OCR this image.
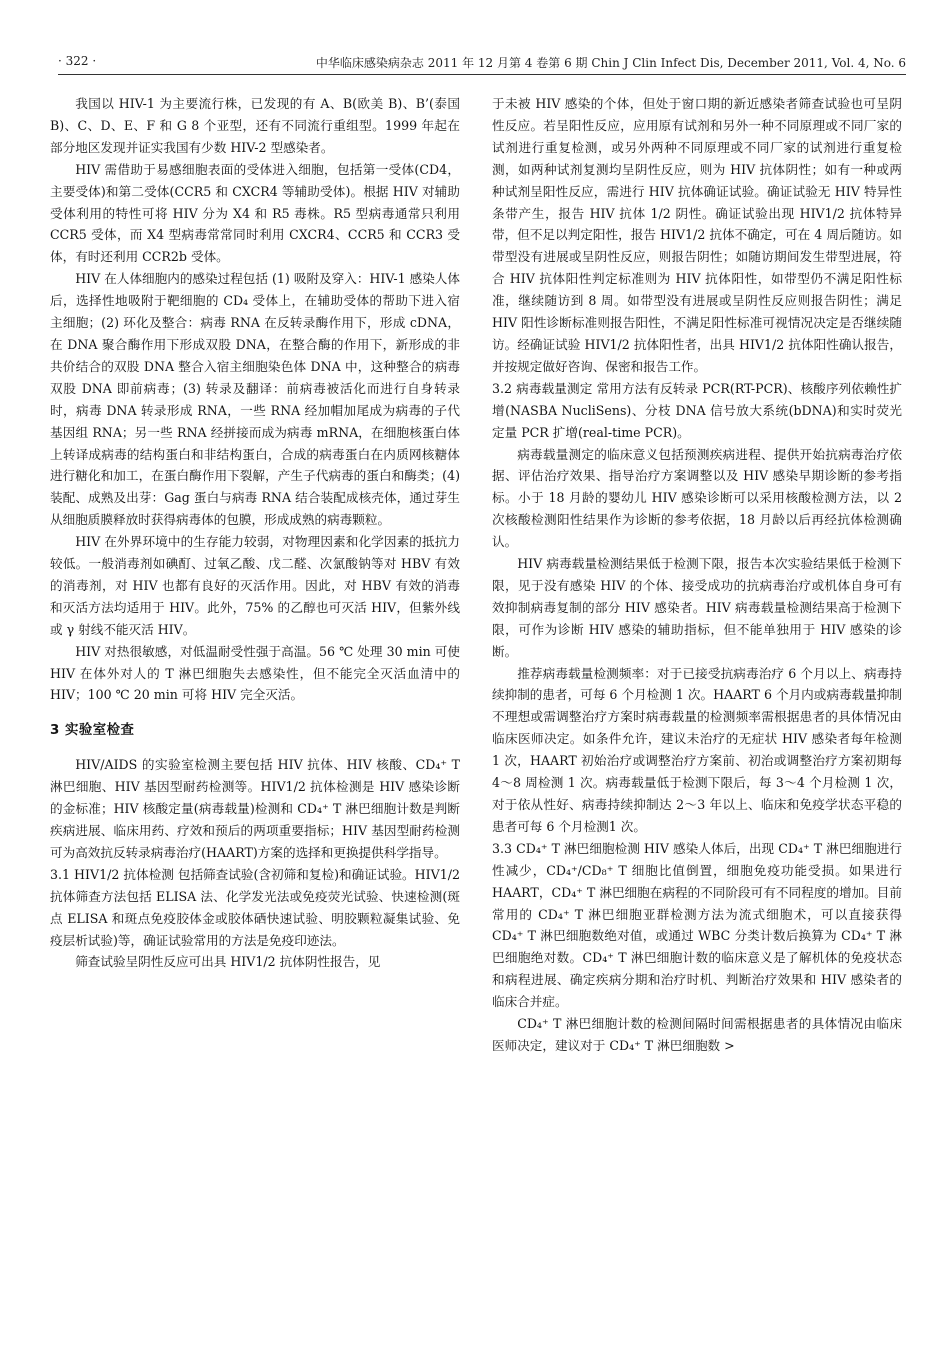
· 322 ·	中华临床感染病杂志 2011 年 12 月第 4 卷第 6 期 Chin J Clin Infect Dis, December 2011, Vol. 4, No. 6

我国以 HIV-1 为主要流行株，已发现的有 A、B(欧美 B)、B’(泰国 B)、C、D、E、F 和 G 8 个亚型，还有不同流行重组型。1999 年起在部分地区发现并证实我国有少数 HIV-2 型感染者。

HIV 需借助于易感细胞表面的受体进入细胞，包括第一受体(CD4，主要受体)和第二受体(CCR5 和 CXCR4 等辅助受体)。根据 HIV 对辅助受体利用的特性可将 HIV 分为 X4 和 R5 毒株。R5 型病毒通常只利用 CCR5 受体，而 X4 型病毒常常同时利用 CXCR4、CCR5 和 CCR3 受体，有时还利用 CCR2b 受体。

HIV 在人体细胞内的感染过程包括 (1) 吸附及穿入：HIV-1 感染人体后，选择性地吸附于靶细胞的 CD₄ 受体上，在辅助受体的帮助下进入宿主细胞；(2) 环化及整合：病毒 RNA 在反转录酶作用下，形成 cDNA，在 DNA 聚合酶作用下形成双股 DNA，在整合酶的作用下，新形成的非共价结合的双股 DNA 整合入宿主细胞染色体 DNA 中，这种整合的病毒双股 DNA 即前病毒；(3) 转录及翻译：前病毒被活化而进行自身转录时，病毒 DNA 转录形成 RNA，一些 RNA 经加帽加尾成为病毒的子代基因组 RNA；另一些 RNA 经拼接而成为病毒 mRNA，在细胞核蛋白体上转译成病毒的结构蛋白和非结构蛋白，合成的病毒蛋白在内质网核糖体进行糖化和加工，在蛋白酶作用下裂解，产生子代病毒的蛋白和酶类；(4) 装配、成熟及出芽：Gag 蛋白与病毒 RNA 结合装配成核壳体，通过芽生从细胞质膜释放时获得病毒体的包膜，形成成熟的病毒颗粒。

HIV 在外界环境中的生存能力较弱，对物理因素和化学因素的抵抗力较低。一般消毒剂如碘酊、过氧乙酸、戊二醛、次氯酸钠等对 HBV 有效的消毒剂，对 HIV 也都有良好的灭活作用。因此，对 HBV 有效的消毒和灭活方法均适用于 HIV。此外，75% 的乙醇也可灭活 HIV，但紫外线或 γ 射线不能灭活 HIV。

HIV 对热很敏感，对低温耐受性强于高温。56 ℃ 处理 30 min 可使 HIV 在体外对人的 T 淋巴细胞失去感染性，但不能完全灭活血清中的 HIV；100 ℃ 20 min 可将 HIV 完全灭活。

3 实验室检查

HIV/AIDS 的实验室检测主要包括 HIV 抗体、HIV 核酸、CD₄⁺ T 淋巴细胞、HIV 基因型耐药检测等。HIV1/2 抗体检测是 HIV 感染诊断的金标准；HIV 核酸定量(病毒载量)检测和 CD₄⁺ T 淋巴细胞计数是判断疾病进展、临床用药、疗效和预后的两项重要指标；HIV 基因型耐药检测可为高效抗反转录病毒治疗(HAART)方案的选择和更换提供科学指导。

3.1 HIV1/2 抗体检测 包括筛查试验(含初筛和复检)和确证试验。HIV1/2 抗体筛查方法包括 ELISA 法、化学发光法或免疫荧光试验、快速检测(斑点 ELISA 和斑点免疫胶体金或胶体硒快速试验、明胶颗粒凝集试验、免疫层析试验)等，确证试验常用的方法是免疫印迹法。

筛查试验呈阴性反应可出具 HIV1/2 抗体阴性报告，见

于未被 HIV 感染的个体，但处于窗口期的新近感染者筛查试验也可呈阴性反应。若呈阳性反应，应用原有试剂和另外一种不同原理或不同厂家的试剂进行重复检测，或另外两种不同原理或不同厂家的试剂进行重复检测，如两种试剂复测均呈阴性反应，则为 HIV 抗体阴性；如有一种或两种试剂呈阳性反应，需进行 HIV 抗体确证试验。确证试验无 HIV 特异性条带产生，报告 HIV 抗体 1/2 阴性。确证试验出现 HIV1/2 抗体特异带，但不足以判定阳性，报告 HIV1/2 抗体不确定，可在 4 周后随访。如带型没有进展或呈阴性反应，则报告阴性；如随访期间发生带型进展，符合 HIV 抗体阳性判定标准则为 HIV 抗体阳性，如带型仍不满足阳性标准，继续随访到 8 周。如带型没有进展或呈阴性反应则报告阴性；满足 HIV 阳性诊断标准则报告阳性，不满足阳性标准可视情况决定是否继续随访。经确证试验 HIV1/2 抗体阳性者，出具 HIV1/2 抗体阳性确认报告，并按规定做好咨询、保密和报告工作。

3.2 病毒载量测定 常用方法有反转录 PCR(RT-PCR)、核酸序列依赖性扩增(NASBA NucliSens)、分枝 DNA 信号放大系统(bDNA)和实时荧光定量 PCR 扩增(real-time PCR)。

病毒载量测定的临床意义包括预测疾病进程、提供开始抗病毒治疗依据、评估治疗效果、指导治疗方案调整以及 HIV 感染早期诊断的参考指标。小于 18 月龄的婴幼儿 HIV 感染诊断可以采用核酸检测方法，以 2 次核酸检测阳性结果作为诊断的参考依据，18 月龄以后再经抗体检测确认。

HIV 病毒载量检测结果低于检测下限，报告本次实验结果低于检测下限，见于没有感染 HIV 的个体、接受成功的抗病毒治疗或机体自身可有效抑制病毒复制的部分 HIV 感染者。HIV 病毒载量检测结果高于检测下限，可作为诊断 HIV 感染的辅助指标，但不能单独用于 HIV 感染的诊断。

推荐病毒载量检测频率：对于已接受抗病毒治疗 6 个月以上、病毒持续抑制的患者，可每 6 个月检测 1 次。HAART 6 个月内或病毒载量抑制不理想或需调整治疗方案时病毒载量的检测频率需根据患者的具体情况由临床医师决定。如条件允许，建议未治疗的无症状 HIV 感染者每年检测 1 次，HAART 初始治疗或调整治疗方案前、初治或调整治疗方案初期每 4～8 周检测 1 次。病毒载量低于检测下限后，每 3～4 个月检测 1 次，对于依从性好、病毒持续抑制达 2～3 年以上、临床和免疫学状态平稳的患者可每 6 个月检测1 次。

3.3 CD₄⁺ T 淋巴细胞检测 HIV 感染人体后，出现 CD₄⁺ T 淋巴细胞进行性减少，CD₄⁺/CD₈⁺ T 细胞比值倒置，细胞免疫功能受损。如果进行 HAART，CD₄⁺ T 淋巴细胞在病程的不同阶段可有不同程度的增加。目前常用的 CD₄⁺ T 淋巴细胞亚群检测方法为流式细胞术，可以直接获得 CD₄⁺ T 淋巴细胞数绝对值，或通过 WBC 分类计数后换算为 CD₄⁺ T 淋巴细胞绝对数。CD₄⁺ T 淋巴细胞计数的临床意义是了解机体的免疫状态和病程进展、确定疾病分期和治疗时机、判断治疗效果和 HIV 感染者的临床合并症。

CD₄⁺ T 淋巴细胞计数的检测间隔时间需根据患者的具体情况由临床医师决定，建议对于 CD₄⁺ T 淋巴细胞数 >
